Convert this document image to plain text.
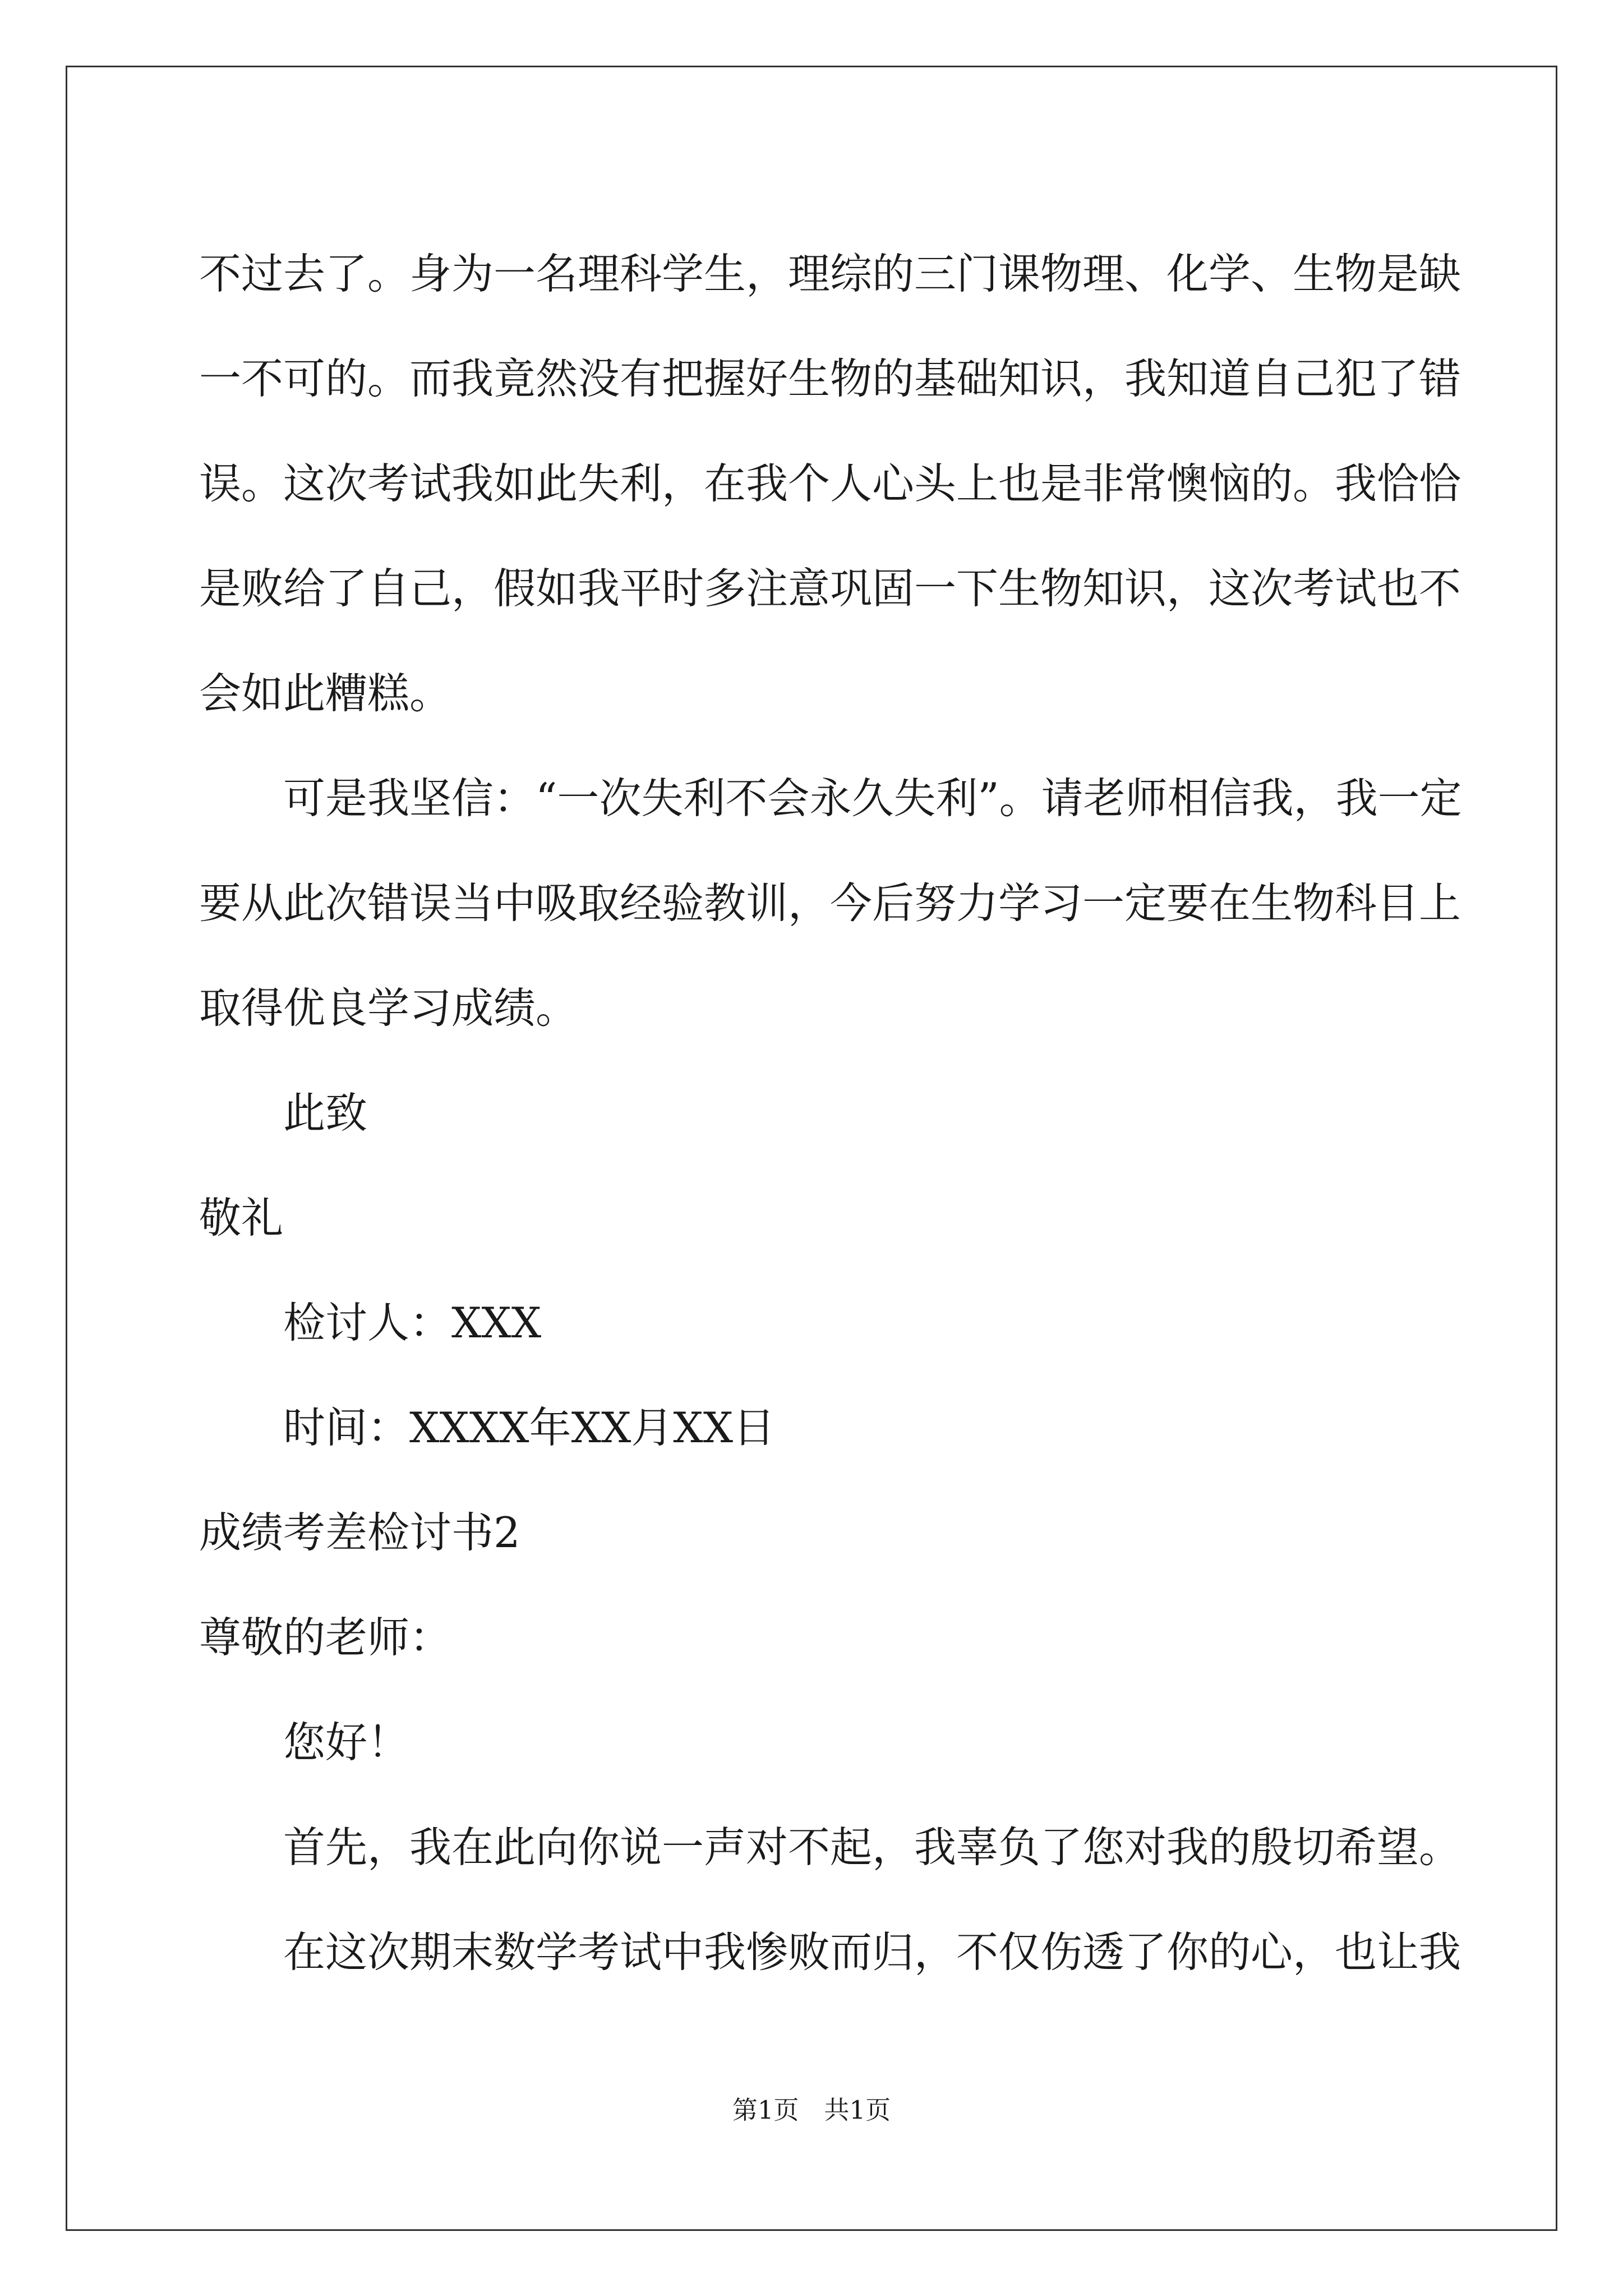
不过去了。身为一名理科学生，理综的三门课物理、化学、生物是缺

一不可的。而我竟然没有把握好生物的基础知识，我知道自己犯了错

误。这次考试我如此失利，在我个人心头上也是非常懊恼的。我恰恰

是败给了自己，假如我平时多注意巩固一下生物知识，这次考试也不

会如此糟糕。

可是我坚信：“一次失利不会永久失利”。请老师相信我，我一定

要从此次错误当中吸取经验教训，今后努力学习一定要在生物科目上

取得优良学习成绩。

此致

敬礼

检讨人：XXX

时间：XXXX年XX月XX日

成绩考差检讨书2

尊敬的老师：

您好！

首先，我在此向你说一声对不起，我辜负了您对我的殷切希望。

在这次期末数学考试中我惨败而归，不仅伤透了你的心，也让我

第1页 共1页
